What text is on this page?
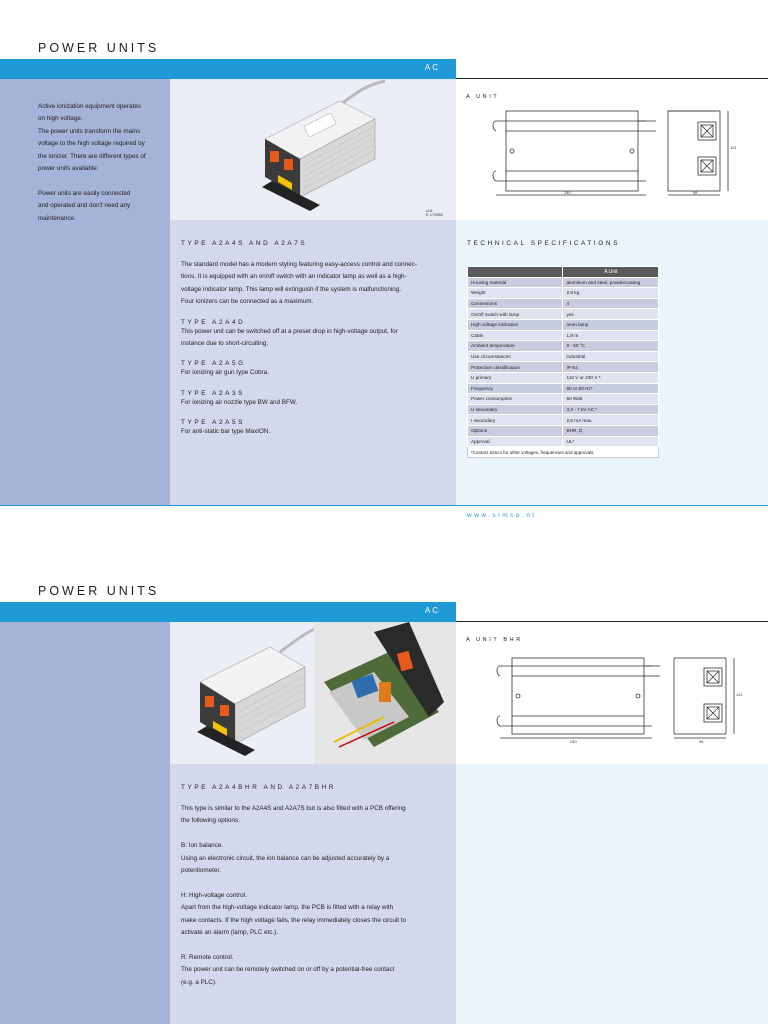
POWER UNITS
AC

Active ionization equipment operates
on high voltage.
The power units transform the mains
voltage to the high voltage required by
the ionizer. There are different types of
power units available.

Power units are easily connected
and operated and don't need any
maintenance.

cUL
E 173952
TYPE A2A4S AND A2A7S

The standard model has a modern styling featuring easy-access control and connec-
tions. It is equipped with an on/off switch with an indicator lamp as well as a high-
voltage indicator lamp. This lamp will extinguish if the system is malfunctioning.
Four ionizers can be connected as a maximum.

TYPE A2A4D

This power unit can be switched off at a preset drop in high-voltage output, for
instance due to short-circuiting.

TYPE A2A5G

For ionizing air gun type Cobra.

TYPE A2A3S

For ionizing air nozzle type BW and BFW.

TYPE A2A5S

For anti-static bar type MaxION.

A UNIT
240	98
113
TECHNICAL SPECIFICATIONS
	A Unit
Housing material	aluminum and steel, powdercoating
Weight	2,8 kg
Connections	4
On/off switch with lamp	yes
High voltage indication	neon lamp
Cable	1,8 m
Ambient temperature	0 - 50 °C
Use circumstances	industrial
Protection classification	IP-54
U primary	110 V or 230 V *
Frequency	50 or 60 Hz*
Power consumption	50 Watt
U secundary	3,3 - 7 kV AC *
I secundary	2,5 mA max.
Options	BHR, D
Approval	UL*
*Contact Simco for other voltages, frequencies and approvals.	
www.simco.nl
POWER UNITS
AC
TYPE A2A4BHR AND A2A7BHR

This type is similar to the A2A4S and A2A7S but is also fitted with a PCB offering
the following options:

B: Ion balance.
Using an electronic circuit, the ion balance can be adjusted accurately by a
potentiometer.

H: High-voltage control.
Apart from the high-voltage indicator lamp, the PCB is fitted with a relay with
make contacts. If the high voltage fails, the relay immediately closes the circuit to
activate an alarm (lamp, PLC etc.).

R: Remote control.
The power unit can be remotely switched on or off by a potential-free contact
(e.g. a PLC).

A UNIT BHR
240	98
113
